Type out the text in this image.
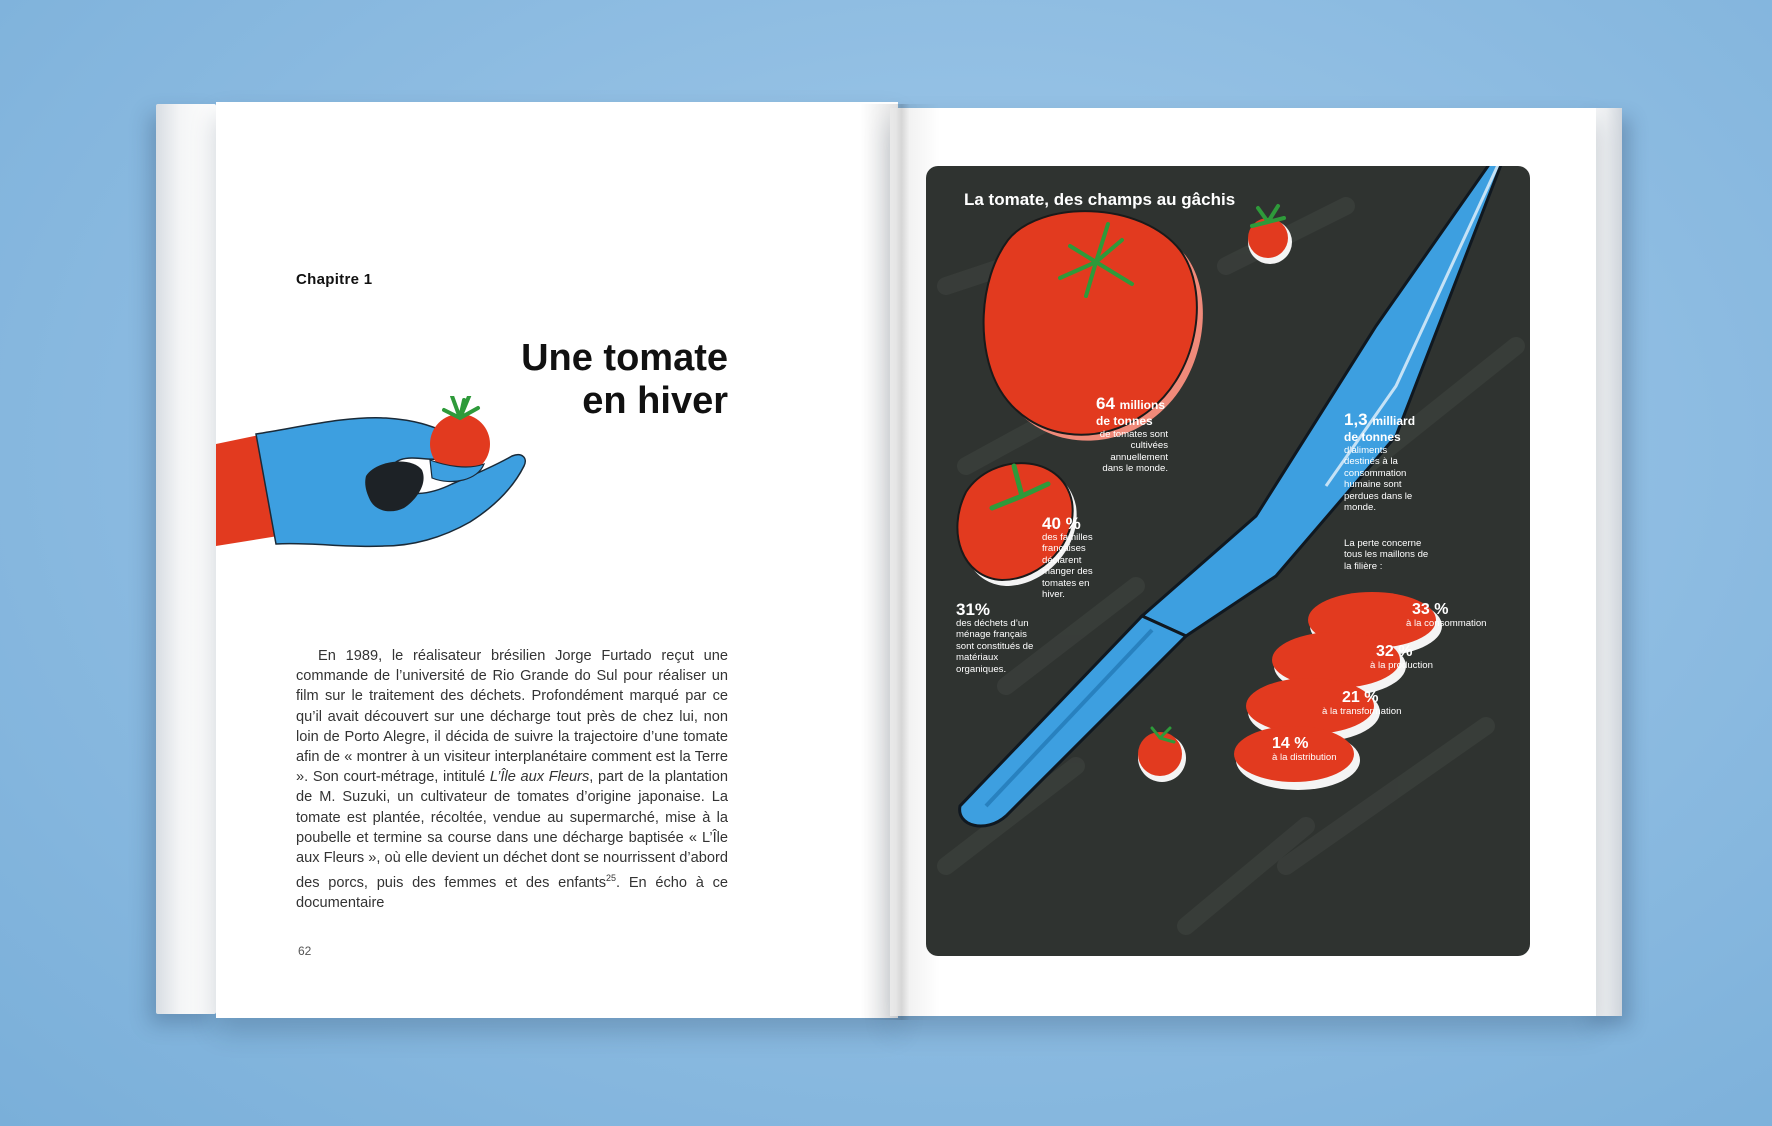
Chapitre 1
Une tomate
en hiver
En 1989, le réalisateur brésilien Jorge Furtado reçut une commande de l’université de Rio Grande do Sul pour réaliser un film sur le traitement des déchets. Profondément marqué par ce qu’il avait découvert sur une décharge tout près de chez lui, non loin de Porto Alegre, il décida de suivre la trajectoire d’une tomate afin de « montrer à un visiteur interplanétaire comment est la Terre ». Son court-métrage, intitulé L’Île aux Fleurs, part de la plantation de M. Suzuki, un cultivateur de tomates d’origine japonaise. La tomate est plantée, récoltée, vendue au supermarché, mise à la poubelle et termine sa course dans une décharge baptisée « L’Île aux Fleurs », où elle devient un déchet dont se nourrissent d’abord des porcs, puis des femmes et des enfants$^{25}$. En écho à ce documentaire
62
La tomate, des champs au gâchis
64 millions
de tonnes
de tomates sont cultivées annuellement dans le monde.
40 %
des familles françaises déclarent manger des tomates en hiver.
31%
des déchets d’un ménage français sont constitués de matériaux organiques.
1,3 milliard
de tonnes
d’aliments destinés à la consommation humaine sont perdues dans le monde.
La perte concerne tous les maillons de la filière :
33 %
à la consommation
32 %
à la production
21 %
à la transformation
14 %
à la distribution
